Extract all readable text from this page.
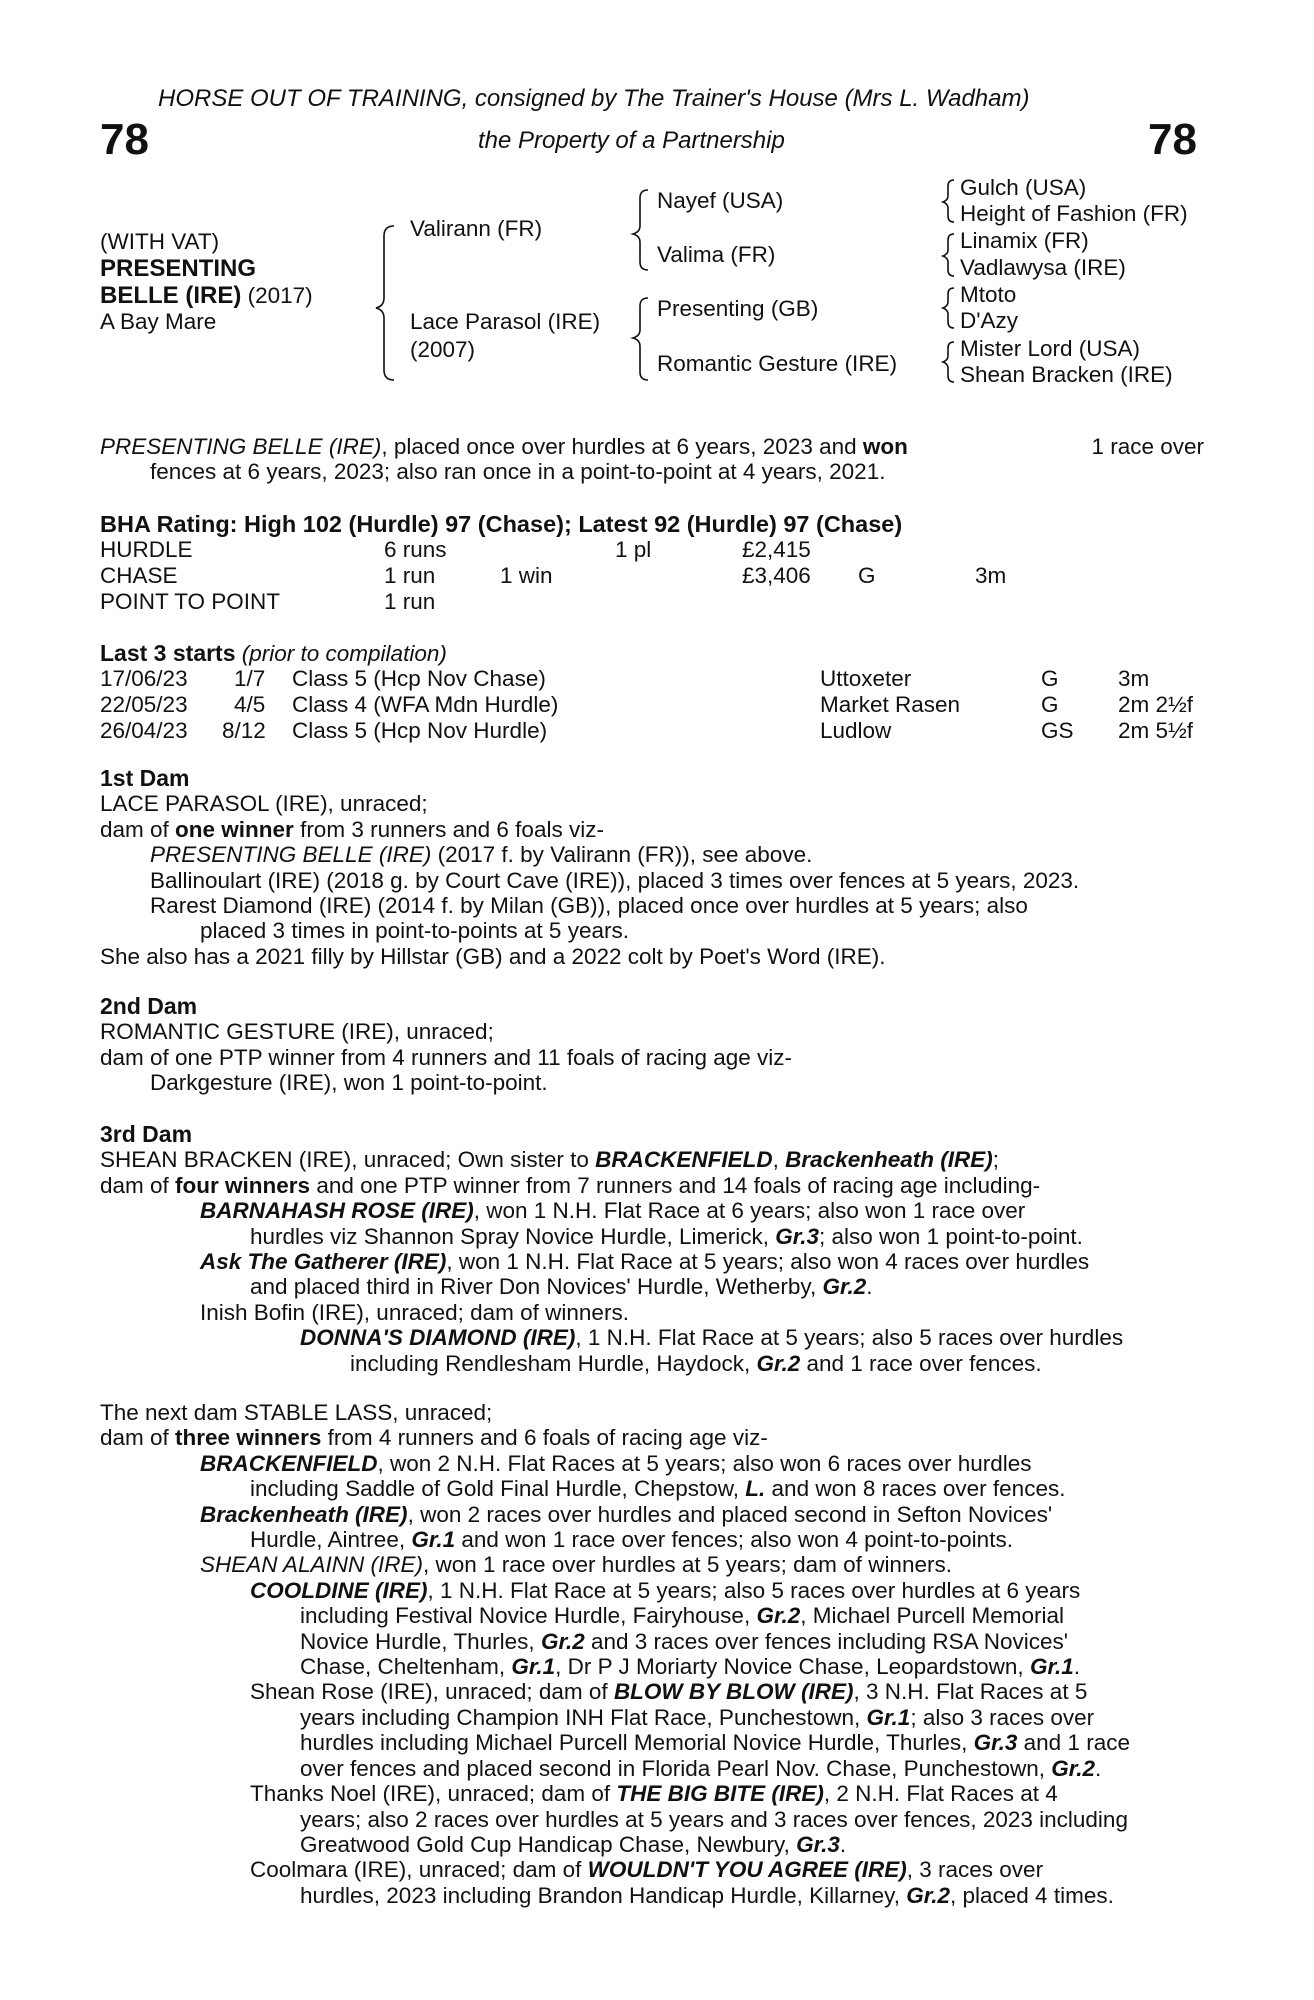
HORSE OUT OF TRAINING, consigned by The Trainer's House (Mrs L. Wadham)
78	the Property of a Partnership	78
(WITH VAT)
PRESENTING
BELLE (IRE) (2017)
A Bay Mare
Valirann (FR)
Lace Parasol (IRE)
(2007)
Nayef (USA)
Valima (FR)
Presenting (GB)
Romantic Gesture (IRE)
Gulch (USA)
Height of Fashion (FR)
Linamix (FR)
Vadlawysa (IRE)
Mtoto
D'Azy
Mister Lord (USA)
Shean Bracken (IRE)
PRESENTING BELLE (IRE), placed once over hurdles at 6 years, 2023 and won	1 race over
fences at 6 years, 2023; also ran once in a point-to-point at 4 years, 2021.
BHA Rating: High 102 (Hurdle) 97 (Chase); Latest 92 (Hurdle) 97 (Chase)
HURDLE	6 runs	1 pl	£2,415
CHASE	1 run	1 win	£3,406 G	3m
POINT TO POINT	1 run
Last 3 starts (prior to compilation)
17/06/23 1/7 Class 5 (Hcp Nov Chase)	Uttoxeter	G	3m
22/05/23 4/5 Class 4 (WFA Mdn Hurdle)	Market Rasen	G	2m 2½f
26/04/23 8/12 Class 5 (Hcp Nov Hurdle)	Ludlow	GS 2m 5½f
1st Dam
LACE PARASOL (IRE), unraced;
dam of one winner from 3 runners and 6 foals viz-
PRESENTING BELLE (IRE) (2017 f. by Valirann (FR)), see above.
Ballinoulart (IRE) (2018 g. by Court Cave (IRE)), placed 3 times over fences at 5 years, 2023.
Rarest Diamond (IRE) (2014 f. by Milan (GB)), placed once over hurdles at 5 years; also
placed 3 times in point-to-points at 5 years.
She also has a 2021 filly by Hillstar (GB) and a 2022 colt by Poet's Word (IRE).
2nd Dam
ROMANTIC GESTURE (IRE), unraced;
dam of one PTP winner from 4 runners and 11 foals of racing age viz-
Darkgesture (IRE), won 1 point-to-point.
3rd Dam
SHEAN BRACKEN (IRE), unraced; Own sister to BRACKENFIELD, Brackenheath (IRE);
dam of four winners and one PTP winner from 7 runners and 14 foals of racing age including-
BARNAHASH ROSE (IRE), won 1 N.H. Flat Race at 6 years; also won 1 race over
hurdles viz Shannon Spray Novice Hurdle, Limerick, Gr.3; also won 1 point-to-point.
Ask The Gatherer (IRE), won 1 N.H. Flat Race at 5 years; also won 4 races over hurdles
and placed third in River Don Novices' Hurdle, Wetherby, Gr.2.
Inish Bofin (IRE), unraced; dam of winners.
DONNA'S DIAMOND (IRE), 1 N.H. Flat Race at 5 years; also 5 races over hurdles
including Rendlesham Hurdle, Haydock, Gr.2 and 1 race over fences.
The next dam STABLE LASS, unraced;
dam of three winners from 4 runners and 6 foals of racing age viz-
BRACKENFIELD, won 2 N.H. Flat Races at 5 years; also won 6 races over hurdles
including Saddle of Gold Final Hurdle, Chepstow, L. and won 8 races over fences.
Brackenheath (IRE), won 2 races over hurdles and placed second in Sefton Novices'
Hurdle, Aintree, Gr.1 and won 1 race over fences; also won 4 point-to-points.
SHEAN ALAINN (IRE), won 1 race over hurdles at 5 years; dam of winners.
COOLDINE (IRE), 1 N.H. Flat Race at 5 years; also 5 races over hurdles at 6 years
including Festival Novice Hurdle, Fairyhouse, Gr.2, Michael Purcell Memorial
Novice Hurdle, Thurles, Gr.2 and 3 races over fences including RSA Novices'
Chase, Cheltenham, Gr.1, Dr P J Moriarty Novice Chase, Leopardstown, Gr.1.
Shean Rose (IRE), unraced; dam of BLOW BY BLOW (IRE), 3 N.H. Flat Races at 5
years including Champion INH Flat Race, Punchestown, Gr.1; also 3 races over
hurdles including Michael Purcell Memorial Novice Hurdle, Thurles, Gr.3 and 1 race
over fences and placed second in Florida Pearl Nov. Chase, Punchestown, Gr.2.
Thanks Noel (IRE), unraced; dam of THE BIG BITE (IRE), 2 N.H. Flat Races at 4
years; also 2 races over hurdles at 5 years and 3 races over fences, 2023 including
Greatwood Gold Cup Handicap Chase, Newbury, Gr.3.
Coolmara (IRE), unraced; dam of WOULDN'T YOU AGREE (IRE), 3 races over
hurdles, 2023 including Brandon Handicap Hurdle, Killarney, Gr.2, placed 4 times.
